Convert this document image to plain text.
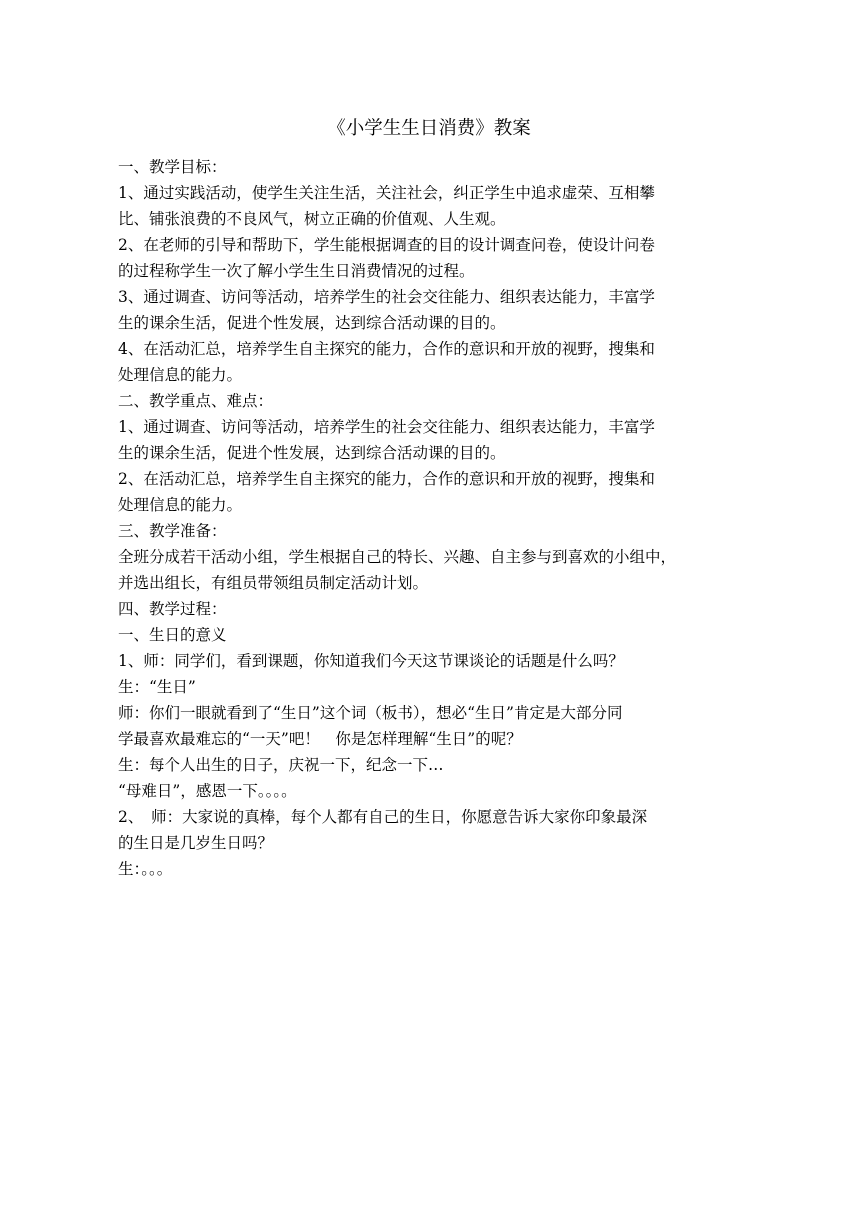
《小学生生日消费》教案

一、教学目标：

1、通过实践活动，使学生关注生活，关注社会，纠正学生中追求虚荣、互相攀

比、铺张浪费的不良风气，树立正确的价值观、人生观。

2、在老师的引导和帮助下，学生能根据调查的目的设计调查问卷，使设计问卷

的过程称学生一次了解小学生生日消费情况的过程。

3、通过调查、访问等活动，培养学生的社会交往能力、组织表达能力，丰富学

生的课余生活，促进个性发展，达到综合活动课的目的。

4、在活动汇总，培养学生自主探究的能力，合作的意识和开放的视野，搜集和

处理信息的能力。

二、教学重点、难点：

1、通过调查、访问等活动，培养学生的社会交往能力、组织表达能力，丰富学

生的课余生活，促进个性发展，达到综合活动课的目的。

2、在活动汇总，培养学生自主探究的能力，合作的意识和开放的视野，搜集和

处理信息的能力。

三、教学准备：

全班分成若干活动小组，学生根据自己的特长、兴趣、自主参与到喜欢的小组中，

并选出组长，有组员带领组员制定活动计划。

四、教学过程：

一、生日的意义

1、师：同学们，看到课题，你知道我们今天这节课谈论的话题是什么吗？

生：“生日”

师：你们一眼就看到了“生日”这个词（板书），想必“生日”肯定是大部分同

学最喜欢最难忘的“一天”吧！　你是怎样理解“生日”的呢？

生：每个人出生的日子，庆祝一下，纪念一下…

“母难日”，感恩一下。。。。

2、　师：大家说的真棒，每个人都有自己的生日，你愿意告诉大家你印象最深

的生日是几岁生日吗？

生：。。。
